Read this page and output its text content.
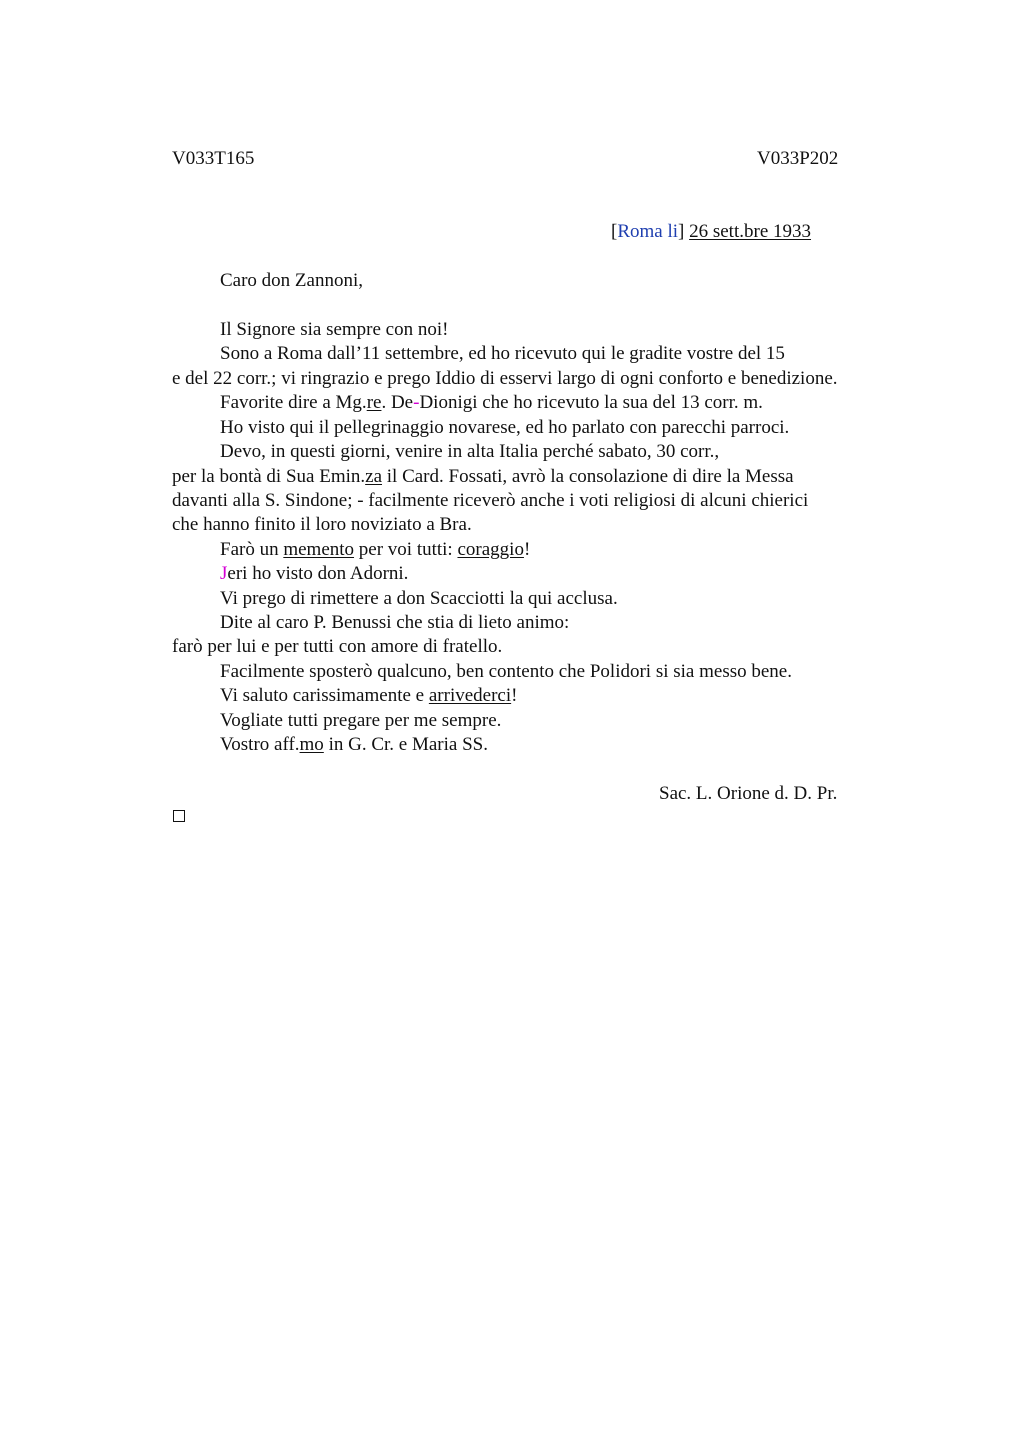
V033T165	V033P202
[Roma li] 26 sett.bre 1933
Caro don Zannoni,
Il Signore sia sempre con noi!
Sono a Roma dall’11 settembre, ed ho ricevuto qui le gradite vostre del 15
e del 22 corr.; vi ringrazio e prego Iddio di esservi largo di ogni conforto e benedizione.
Favorite dire a Mg.re. De-Dionigi che ho ricevuto la sua del 13 corr. m.
Ho visto qui il pellegrinaggio novarese, ed ho parlato con parecchi parroci.
Devo, in questi giorni, venire in alta Italia perché sabato, 30 corr.,
per la bontà di Sua Emin.za il Card. Fossati, avrò la consolazione di dire la Messa
davanti alla S. Sindone; - facilmente riceverò anche i voti religiosi di alcuni chierici
che hanno finito il loro noviziato a Bra.
Farò un memento per voi tutti: coraggio!
Jeri ho visto don Adorni.
Vi prego di rimettere a don Scacciotti la qui acclusa.
Dite al caro P. Benussi che stia di lieto animo:
farò per lui e per tutti con amore di fratello.
Facilmente sposterò qualcuno, ben contento che Polidori si sia messo bene.
Vi saluto carissimamente e arrivederci!
Vogliate tutti pregare per me sempre.
Vostro aff.mo in G. Cr. e Maria SS.
Sac. L. Orione d. D. Pr.
